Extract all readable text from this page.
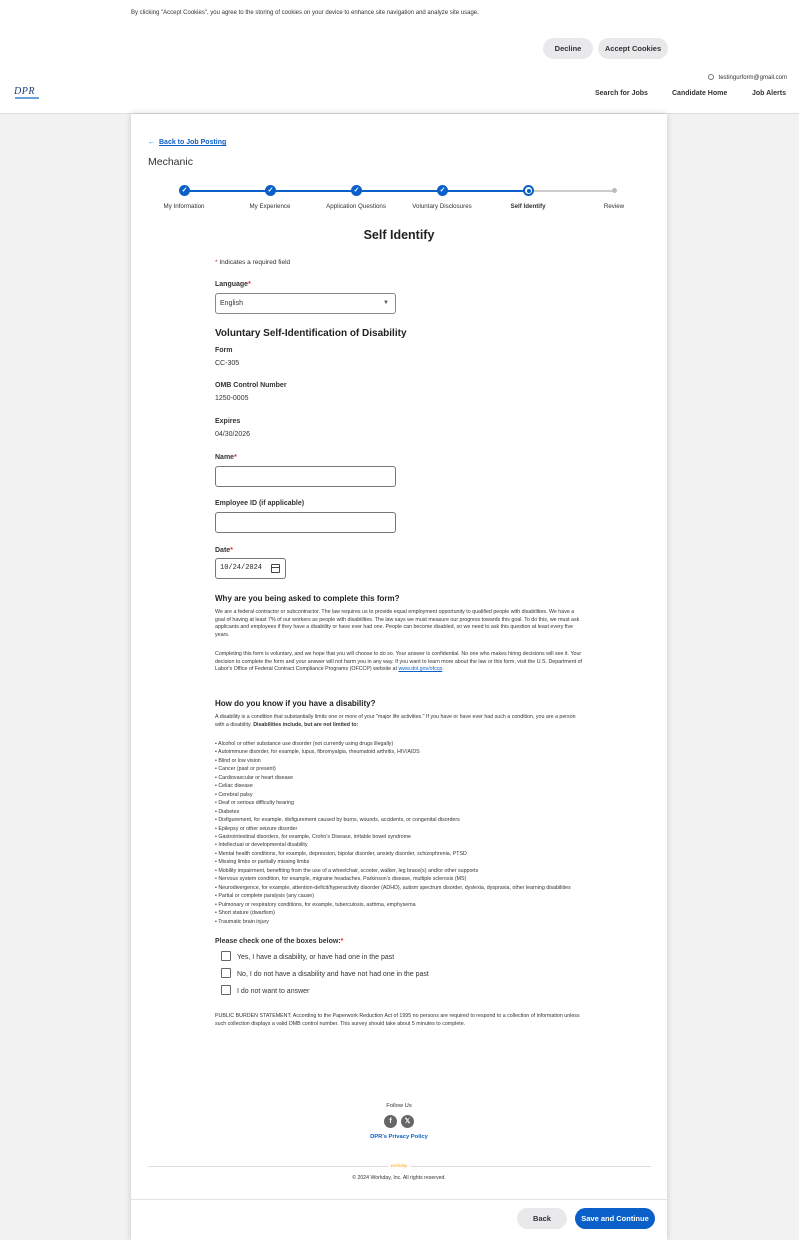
By clicking "Accept Cookies", you agree to the storing of cookies on your device to enhance site navigation and analyze site usage.
Decline	Accept Cookies
DPR
testingurform@gmail.com
Search for Jobs	Candidate Home	Job Alerts
← Back to Job Posting
Mechanic
✓	✓	✓	✓
My Information	My Experience	Application Questions	Voluntary Disclosures	Self Identify	Review
Self Identify
* Indicates a required field
Language*
English	▼
Voluntary Self-Identification of Disability
Form
CC-305
OMB Control Number
1250-0005
Expires
04/30/2026
Name*
Employee ID (if applicable)
Date*
10/24/2024
Why are you being asked to complete this form?
We are a federal contractor or subcontractor. The law requires us to provide equal employment opportunity to qualified people with disabilities. We have a goal of having at least 7% of our workers as people with disabilities. The law says we must measure our progress towards this goal. To do this, we must ask applicants and employees if they have a disability or have ever had one. People can become disabled, so we need to ask this question at least every five years.
Completing this form is voluntary, and we hope that you will choose to do so. Your answer is confidential. No one who makes hiring decisions will see it. Your decision to complete the form and your answer will not harm you in any way. If you want to learn more about the law or this form, visit the U.S. Department of Labor's Office of Federal Contract Compliance Programs (OFCCP) website at www.dol.gov/ofccp.
How do you know if you have a disability?
A disability is a condition that substantially limits one or more of your "major life activities." If you have or have ever had such a condition, you are a person with a disability. Disabilities include, but are not limited to:
• Alcohol or other substance use disorder (not currently using drugs illegally)
• Autoimmune disorder, for example, lupus, fibromyalgia, rheumatoid arthritis, HIV/AIDS
• Blind or low vision
• Cancer (past or present)
• Cardiovascular or heart disease
• Celiac disease
• Cerebral palsy
• Deaf or serious difficulty hearing
• Diabetes
• Disfigurement, for example, disfigurement caused by burns, wounds, accidents, or congenital disorders
• Epilepsy or other seizure disorder
• Gastrointestinal disorders, for example, Crohn's Disease, irritable bowel syndrome
• Intellectual or developmental disability
• Mental health conditions, for example, depression, bipolar disorder, anxiety disorder, schizophrenia, PTSD
• Missing limbs or partially missing limbs
• Mobility impairment, benefiting from the use of a wheelchair, scooter, walker, leg brace(s) and/or other supports
• Nervous system condition, for example, migraine headaches, Parkinson's disease, multiple sclerosis (MS)
• Neurodivergence, for example, attention-deficit/hyperactivity disorder (ADHD), autism spectrum disorder, dyslexia, dyspraxia, other learning disabilities
• Partial or complete paralysis (any cause)
• Pulmonary or respiratory conditions, for example, tuberculosis, asthma, emphysema
• Short stature (dwarfism)
• Traumatic brain injury
Please check one of the boxes below:*
Yes, I have a disability, or have had one in the past
No, I do not have a disability and have not had one in the past
I do not want to answer
PUBLIC BURDEN STATEMENT: According to the Paperwork Reduction Act of 1995 no persons are required to respond to a collection of information unless such collection displays a valid OMB control number. This survey should take about 5 minutes to complete.
Follow Us
f	𝕏
DPR's Privacy Policy
workday
© 2024 Workday, Inc. All rights reserved.
Back	Save and Continue
